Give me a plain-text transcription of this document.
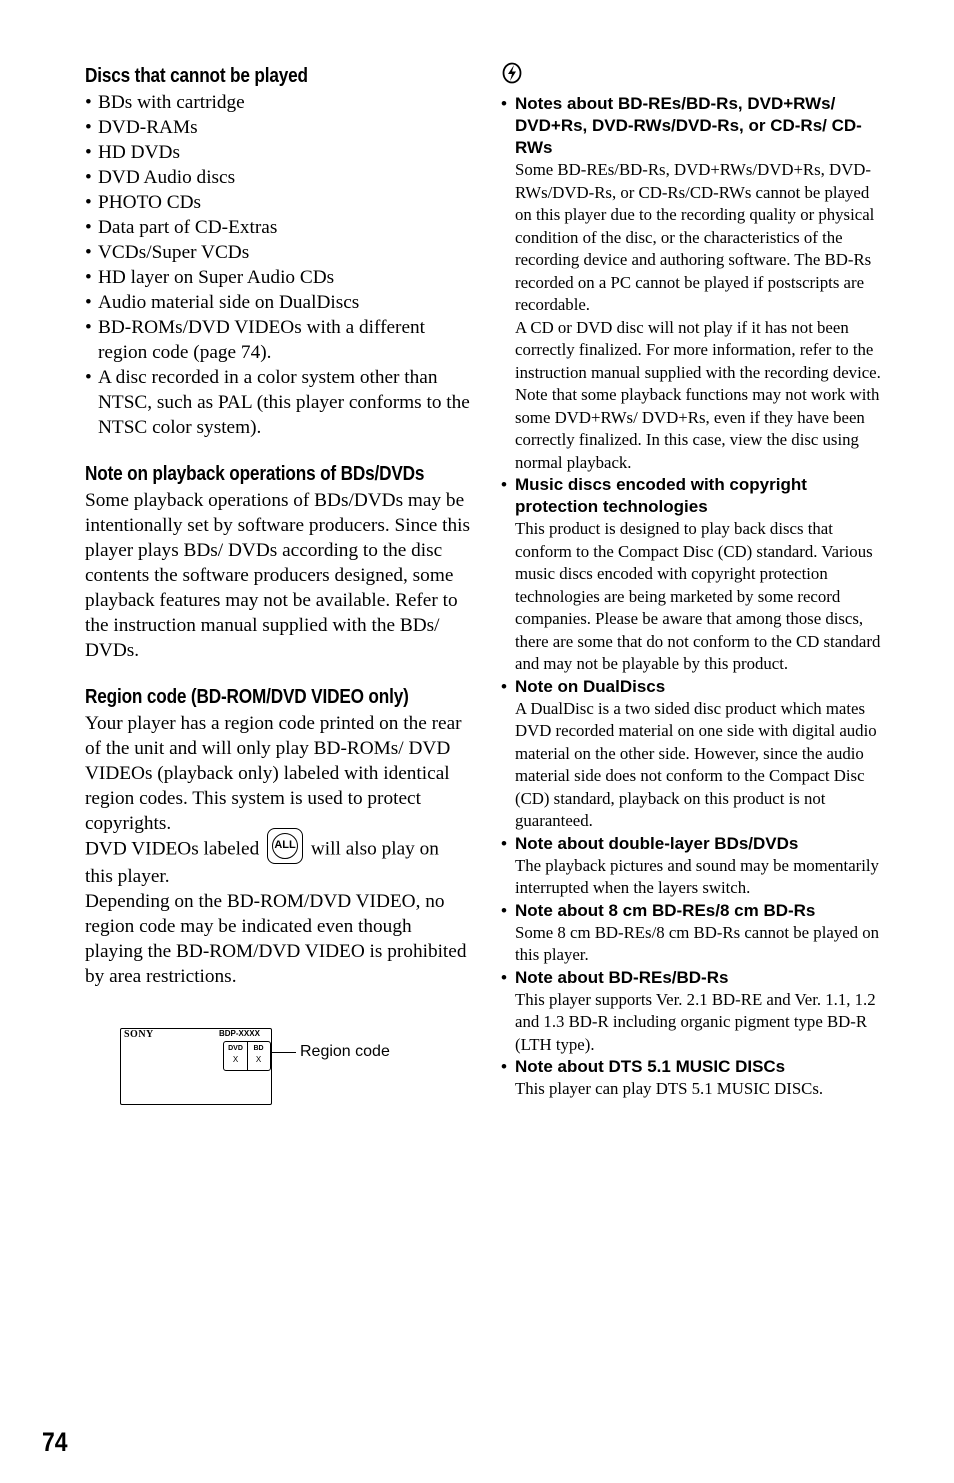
Discs that cannot be played
• BDs with cartridge
• DVD-RAMs
• HD DVDs
• DVD Audio discs
• PHOTO CDs
• Data part of CD-Extras
• VCDs/Super VCDs
• HD layer on Super Audio CDs
• Audio material side on DualDiscs
• BD-ROMs/DVD VIDEOs with a different region code (page 74).
• A disc recorded in a color system other than NTSC, such as PAL (this player conforms to the NTSC color system).
Note on playback operations of BDs/DVDs

Some playback operations of BDs/DVDs may be intentionally set by software producers. Since this player plays BDs/ DVDs according to the disc contents the software producers designed, some playback features may not be available. Refer to the instruction manual supplied with the BDs/ DVDs.

Region code (BD-ROM/DVD VIDEO only)

Your player has a region code printed on the rear of the unit and will only play BD-ROMs/ DVD VIDEOs (playback only) labeled with identical region codes. This system is used to protect copyrights.

DVD VIDEOs labeled	ALL will also play on this player.

Depending on the BD-ROM/DVD VIDEO, no region code may be indicated even though playing the BD-ROM/DVD VIDEO is prohibited by area restrictions.

SONY	BDP-XXXX
DVD
X
BD
X	Region code

• Notes about BD-REs/BD-Rs, DVD+RWs/ DVD+Rs, DVD-RWs/DVD-Rs, or CD-Rs/ CD-RWs

Some BD-REs/BD-Rs, DVD+RWs/DVD+Rs, DVD-RWs/DVD-Rs, or CD-Rs/CD-RWs cannot be played on this player due to the recording quality or physical condition of the disc, or the characteristics of the recording device and authoring software. The BD-Rs recorded on a PC cannot be played if postscripts are recordable.

A CD or DVD disc will not play if it has not been correctly finalized. For more information, refer to the instruction manual supplied with the recording device. Note that some playback functions may not work with some DVD+RWs/ DVD+Rs, even if they have been correctly finalized. In this case, view the disc using normal playback.

• Music discs encoded with copyright protection technologies

This product is designed to play back discs that conform to the Compact Disc (CD) standard. Various music discs encoded with copyright protection technologies are being marketed by some record companies. Please be aware that among those discs, there are some that do not conform to the CD standard and may not be playable by this product.

• Note on DualDiscs

A DualDisc is a two sided disc product which mates DVD recorded material on one side with digital audio material on the other side. However, since the audio material side does not conform to the Compact Disc (CD) standard, playback on this product is not guaranteed.

• Note about double-layer BDs/DVDs

The playback pictures and sound may be momentarily interrupted when the layers switch.

• Note about 8 cm BD-REs/8 cm BD-Rs

Some 8 cm BD-REs/8 cm BD-Rs cannot be played on this player.

• Note about BD-REs/BD-Rs

This player supports Ver. 2.1 BD-RE and Ver. 1.1, 1.2 and 1.3 BD-R including organic pigment type BD-R (LTH type).

• Note about DTS 5.1 MUSIC DISCs

This player can play DTS 5.1 MUSIC DISCs.

74
